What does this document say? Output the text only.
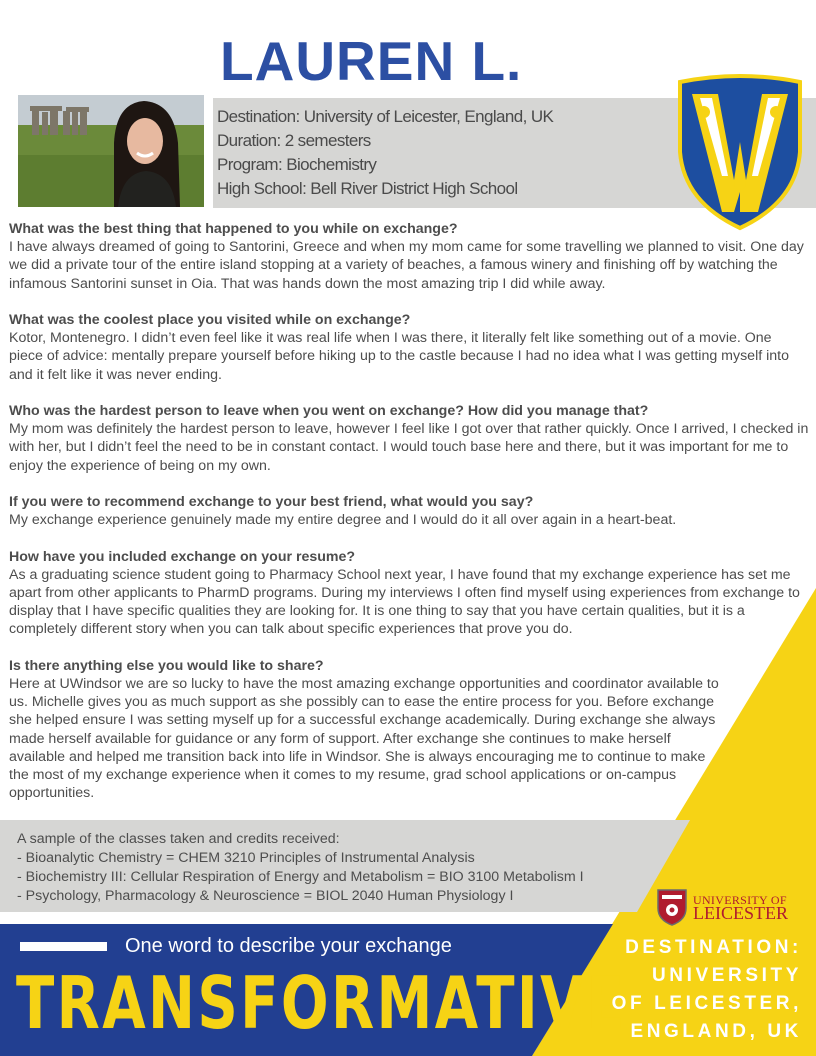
LAUREN L.
Destination: University of Leicester, England, UK
Duration: 2 semesters
Program: Biochemistry
High School: Bell River District High School

What was the best thing that happened to you while on exchange?

I have always dreamed of going to Santorini, Greece and when my mom came for some travelling we planned to visit. One day we did a private tour of the entire island stopping at a variety of beaches, a famous winery and finishing off by watching the infamous Santorini sunset in Oia. That was hands down the most amazing trip I did while away.

What was the coolest place you visited while on exchange?

Kotor, Montenegro. I didn’t even feel like it was real life when I was there, it literally felt like something out of a movie. One piece of advice: mentally prepare yourself before hiking up to the castle because I had no idea what I was getting myself into and it felt like it was never ending.

Who was the hardest person to leave when you went on exchange? How did you manage that?

My mom was definitely the hardest person to leave, however I feel like I got over that rather quickly. Once I arrived, I checked in with her, but I didn’t feel the need to be in constant contact. I would touch base here and there, but it was important for me to enjoy the experience of being on my own.

If you were to recommend exchange to your best friend, what would you say?

My exchange experience genuinely made my entire degree and I would do it all over again in a heart-beat.

How have you included exchange on your resume?

As a graduating science student going to Pharmacy School next year, I have found that my exchange experience has set me apart from other applicants to PharmD programs. During my interviews I often find myself using experiences from exchange to display that I have specific qualities they are looking for. It is one thing to say that you have certain qualities, but it is a completely different story when you can talk about specific experiences that prove you do.

Is there anything else you would like to share?

Here at UWindsor we are so lucky to have the most amazing exchange opportunities and coordinator available to us. Michelle gives you as much support as she possibly can to ease the entire process for you. Before exchange she helped ensure I was setting myself up for a successful exchange academically. During exchange she always made herself available for guidance or any form of support. After exchange she continues to make herself available and helped me transition back into life in Windsor. She is always encouraging me to continue to make the most of my exchange experience when it comes to my resume, grad school applications or on-campus opportunities.

A sample of the classes taken and credits received:
- Bioanalytic Chemistry = CHEM 3210 Principles of Instrumental Analysis
- Biochemistry III: Cellular Respiration of Energy and Metabolism = BIO 3100 Metabolism I
- Psychology, Pharmacology & Neuroscience = BIOL 2040 Human Physiology I
One word to describe your exchange
TRANSFORMATIVE
UNIVERSITY OF
LEICESTER
DESTINATION:
UNIVERSITY
OF LEICESTER,
ENGLAND, UK
